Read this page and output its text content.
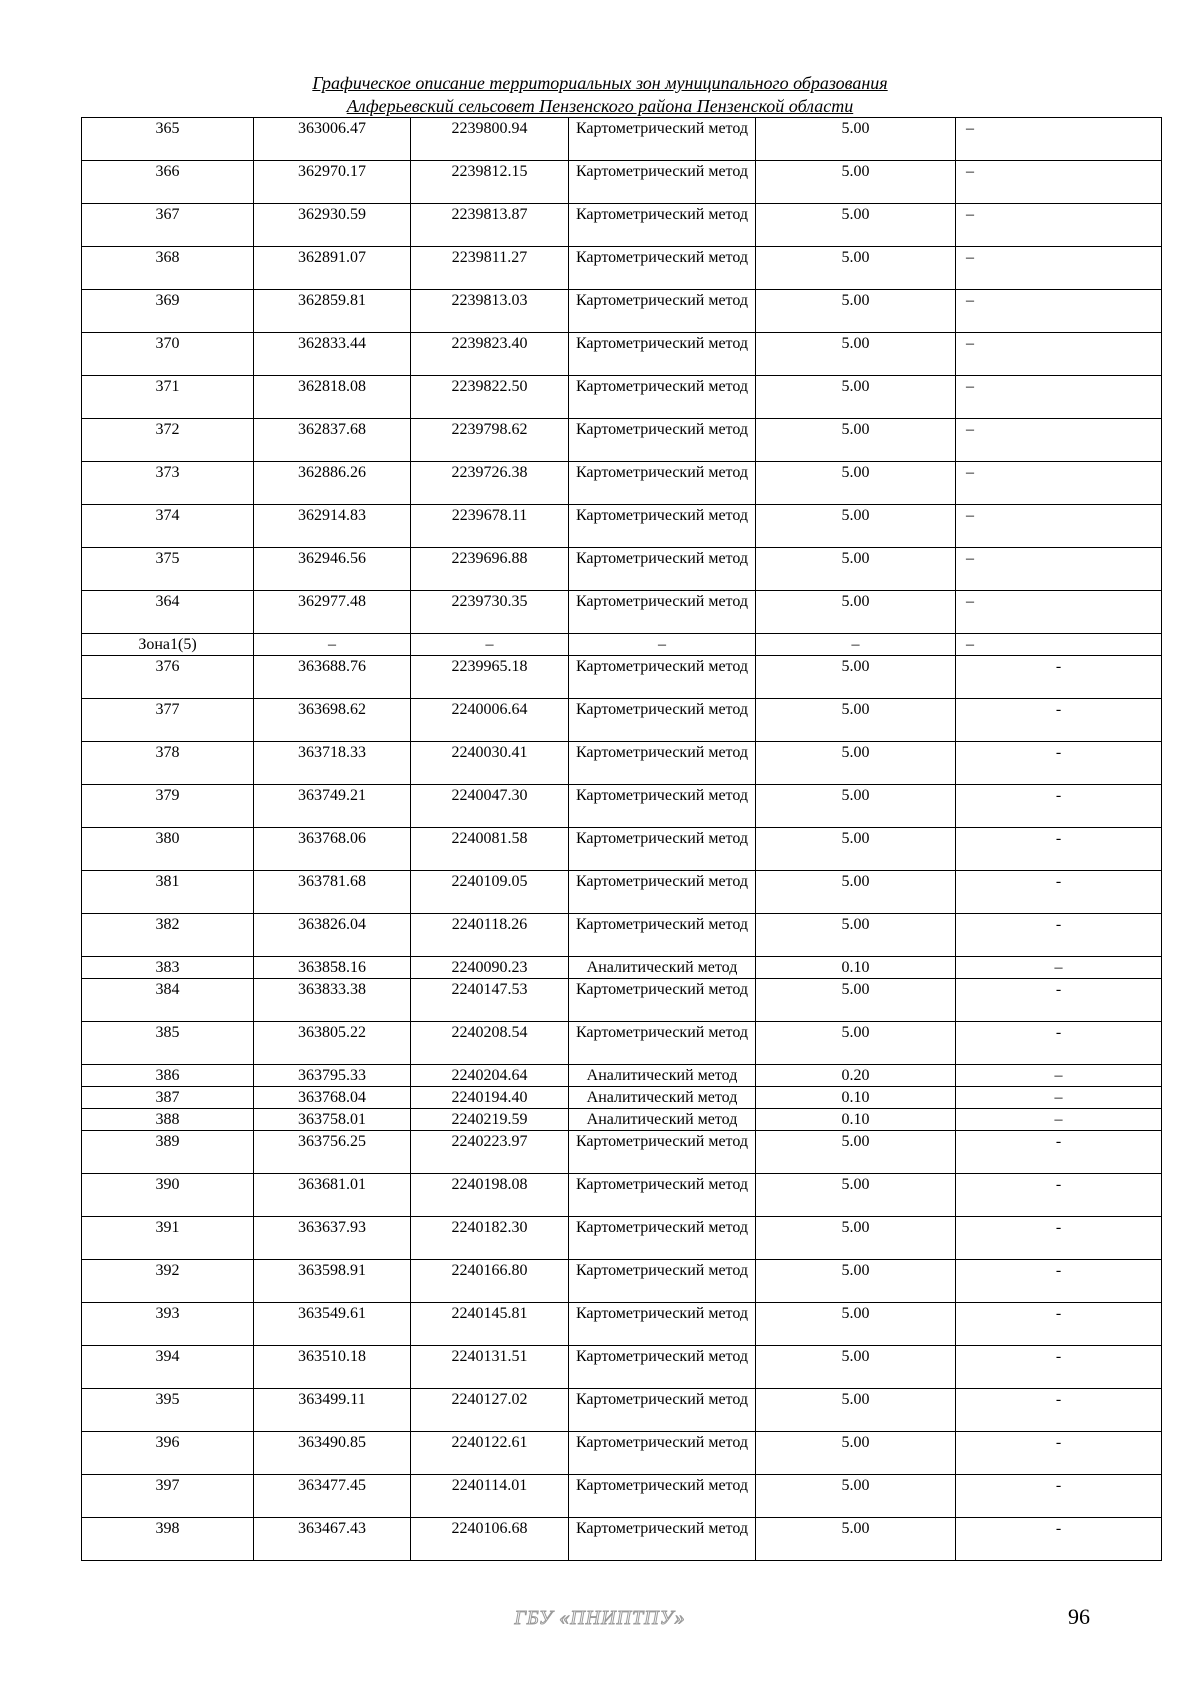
Графическое описание территориальных зон муниципального образования
Алферьевский сельсовет Пензенского района Пензенской области
365	363006.47	2239800.94	Картометрический метод	5.00	–
366	362970.17	2239812.15	Картометрический метод	5.00	–
367	362930.59	2239813.87	Картометрический метод	5.00	–
368	362891.07	2239811.27	Картометрический метод	5.00	–
369	362859.81	2239813.03	Картометрический метод	5.00	–
370	362833.44	2239823.40	Картометрический метод	5.00	–
371	362818.08	2239822.50	Картометрический метод	5.00	–
372	362837.68	2239798.62	Картометрический метод	5.00	–
373	362886.26	2239726.38	Картометрический метод	5.00	–
374	362914.83	2239678.11	Картометрический метод	5.00	–
375	362946.56	2239696.88	Картометрический метод	5.00	–
364	362977.48	2239730.35	Картометрический метод	5.00	–
Зона1(5)	–	–	–	–	–
376	363688.76	2239965.18	Картометрический метод	5.00	-
377	363698.62	2240006.64	Картометрический метод	5.00	-
378	363718.33	2240030.41	Картометрический метод	5.00	-
379	363749.21	2240047.30	Картометрический метод	5.00	-
380	363768.06	2240081.58	Картометрический метод	5.00	-
381	363781.68	2240109.05	Картометрический метод	5.00	-
382	363826.04	2240118.26	Картометрический метод	5.00	-
383	363858.16	2240090.23	Аналитический метод	0.10	–
384	363833.38	2240147.53	Картометрический метод	5.00	-
385	363805.22	2240208.54	Картометрический метод	5.00	-
386	363795.33	2240204.64	Аналитический метод	0.20	–
387	363768.04	2240194.40	Аналитический метод	0.10	–
388	363758.01	2240219.59	Аналитический метод	0.10	–
389	363756.25	2240223.97	Картометрический метод	5.00	-
390	363681.01	2240198.08	Картометрический метод	5.00	-
391	363637.93	2240182.30	Картометрический метод	5.00	-
392	363598.91	2240166.80	Картометрический метод	5.00	-
393	363549.61	2240145.81	Картометрический метод	5.00	-
394	363510.18	2240131.51	Картометрический метод	5.00	-
395	363499.11	2240127.02	Картометрический метод	5.00	-
396	363490.85	2240122.61	Картометрический метод	5.00	-
397	363477.45	2240114.01	Картометрический метод	5.00	-
398	363467.43	2240106.68	Картометрический метод	5.00	-
ГБУ «ПНИПТПУ»	96
